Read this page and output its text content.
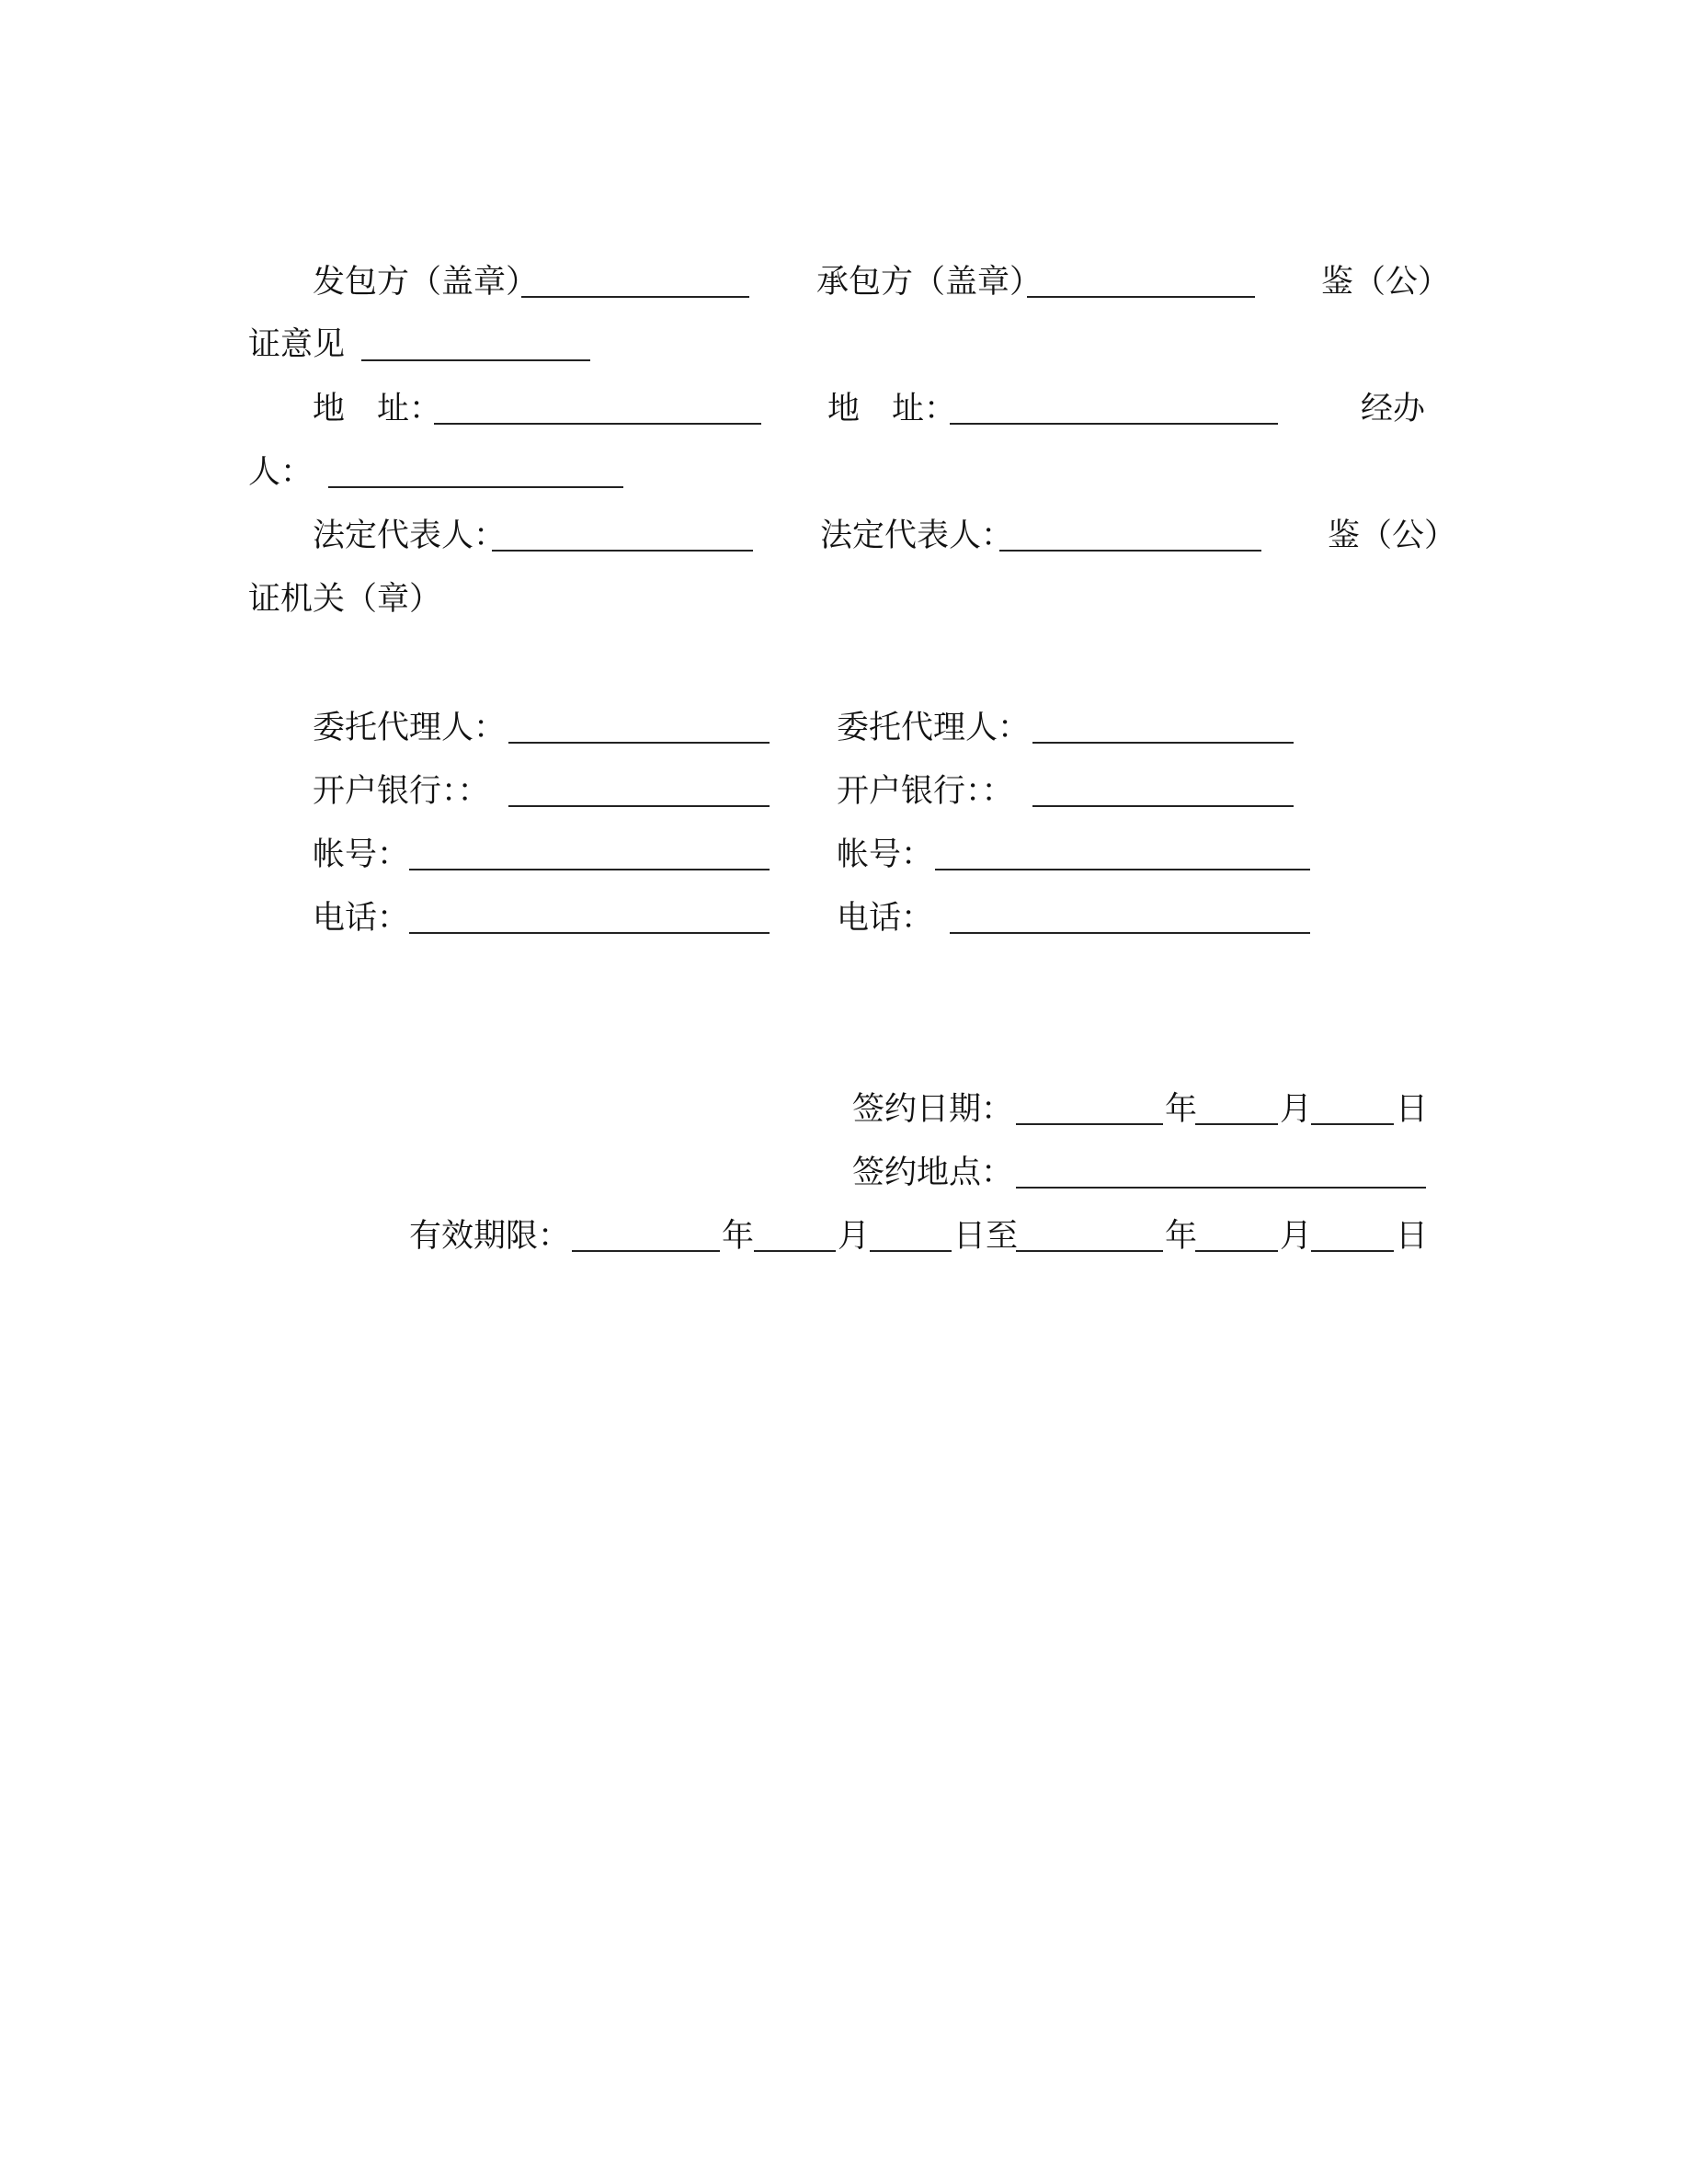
发包方（盖章）	承包方（盖章）	鉴（公）
证意见
地　址：	地　址：	经办
人：
法定代表人：	法定代表人：	鉴（公）
证机关（章）
委托代理人：	委托代理人：
开户银行：：	开户银行：：
帐号：	帐号：
电话：	电话：
签约日期：	年	月	日
签约地点：
有效期限：	年	月	日至	年	月	日
